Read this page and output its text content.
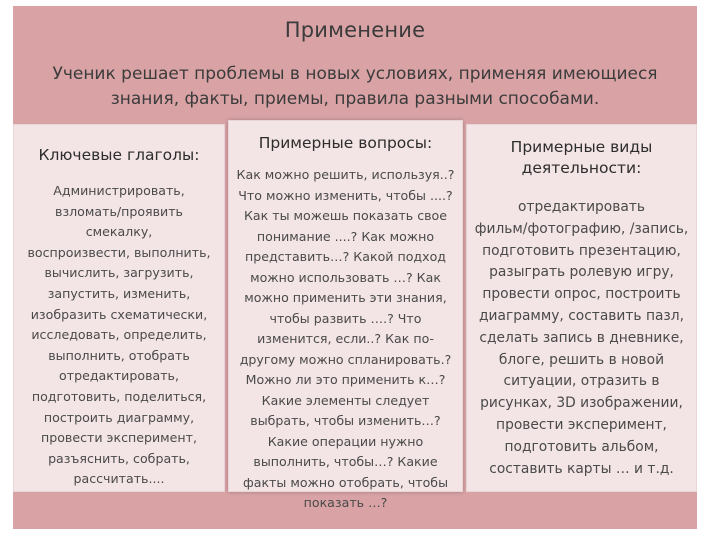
Применение
Ученик решает проблемы в новых условиях, применяя имеющиеся знания, факты, приемы, правила разными способами.
Ключевые глаголы:
Администрировать,
взломать/проявить смекалку,
воспроизвести, выполнить,
вычислить, загрузить,
запустить, изменить,
изобразить схематически,
исследовать, определить,
выполнить, отобрать
отредактировать,
подготовить, поделиться,
построить диаграмму,
провести эксперимент,
разъяснить, собрать,
рассчитать....
Примерные вопросы:
Как можно решить, используя..?
Что можно изменить, чтобы ....?
Как ты можешь показать свое
понимание ....? Как можно
представить…? Какой подход
можно использовать …? Как
можно применить эти знания,
чтобы развить ….? Что
изменится, если..? Как по-
другому можно спланировать.?
Можно ли это применить к…?
Какие элементы следует
выбрать, чтобы изменить…?
Какие операции нужно
выполнить, чтобы…? Какие
факты можно отобрать, чтобы
показать …?
Примерные виды
деятельности:
отредактировать
фильм/фотографию, /запись,
подготовить презентацию,
разыграть ролевую игру,
провести опрос, построить
диаграмму, составить пазл,
сделать запись в дневнике,
блоге, решить в новой
ситуации, отразить в
рисунках, 3D изображении,
провести эксперимент,
подготовить альбом,
составить карты … и т.д.
